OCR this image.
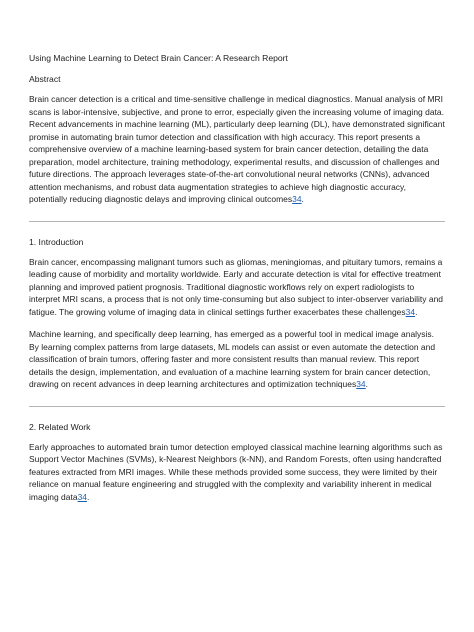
Using Machine Learning to Detect Brain Cancer: A Research Report
Abstract

Brain cancer detection is a critical and time-sensitive challenge in medical diagnostics. Manual analysis of MRI scans is labor-intensive, subjective, and prone to error, especially given the increasing volume of imaging data. Recent advancements in machine learning (ML), particularly deep learning (DL), have demonstrated significant promise in automating brain tumor detection and classification with high accuracy. This report presents a comprehensive overview of a machine learning-based system for brain cancer detection, detailing the data preparation, model architecture, training methodology, experimental results, and discussion of challenges and future directions. The approach leverages state-of-the-art convolutional neural networks (CNNs), advanced attention mechanisms, and robust data augmentation strategies to achieve high diagnostic accuracy, potentially reducing diagnostic delays and improving clinical outcomes34.

1. Introduction

Brain cancer, encompassing malignant tumors such as gliomas, meningiomas, and pituitary tumors, remains a leading cause of morbidity and mortality worldwide. Early and accurate detection is vital for effective treatment planning and improved patient prognosis. Traditional diagnostic workflows rely on expert radiologists to interpret MRI scans, a process that is not only time-consuming but also subject to inter-observer variability and fatigue. The growing volume of imaging data in clinical settings further exacerbates these challenges34.

Machine learning, and specifically deep learning, has emerged as a powerful tool in medical image analysis. By learning complex patterns from large datasets, ML models can assist or even automate the detection and classification of brain tumors, offering faster and more consistent results than manual review. This report details the design, implementation, and evaluation of a machine learning system for brain cancer detection, drawing on recent advances in deep learning architectures and optimization techniques34.

2. Related Work

Early approaches to automated brain tumor detection employed classical machine learning algorithms such as Support Vector Machines (SVMs), k-Nearest Neighbors (k-NN), and Random Forests, often using handcrafted features extracted from MRI images. While these methods provided some success, they were limited by their reliance on manual feature engineering and struggled with the complexity and variability inherent in medical imaging data34.
